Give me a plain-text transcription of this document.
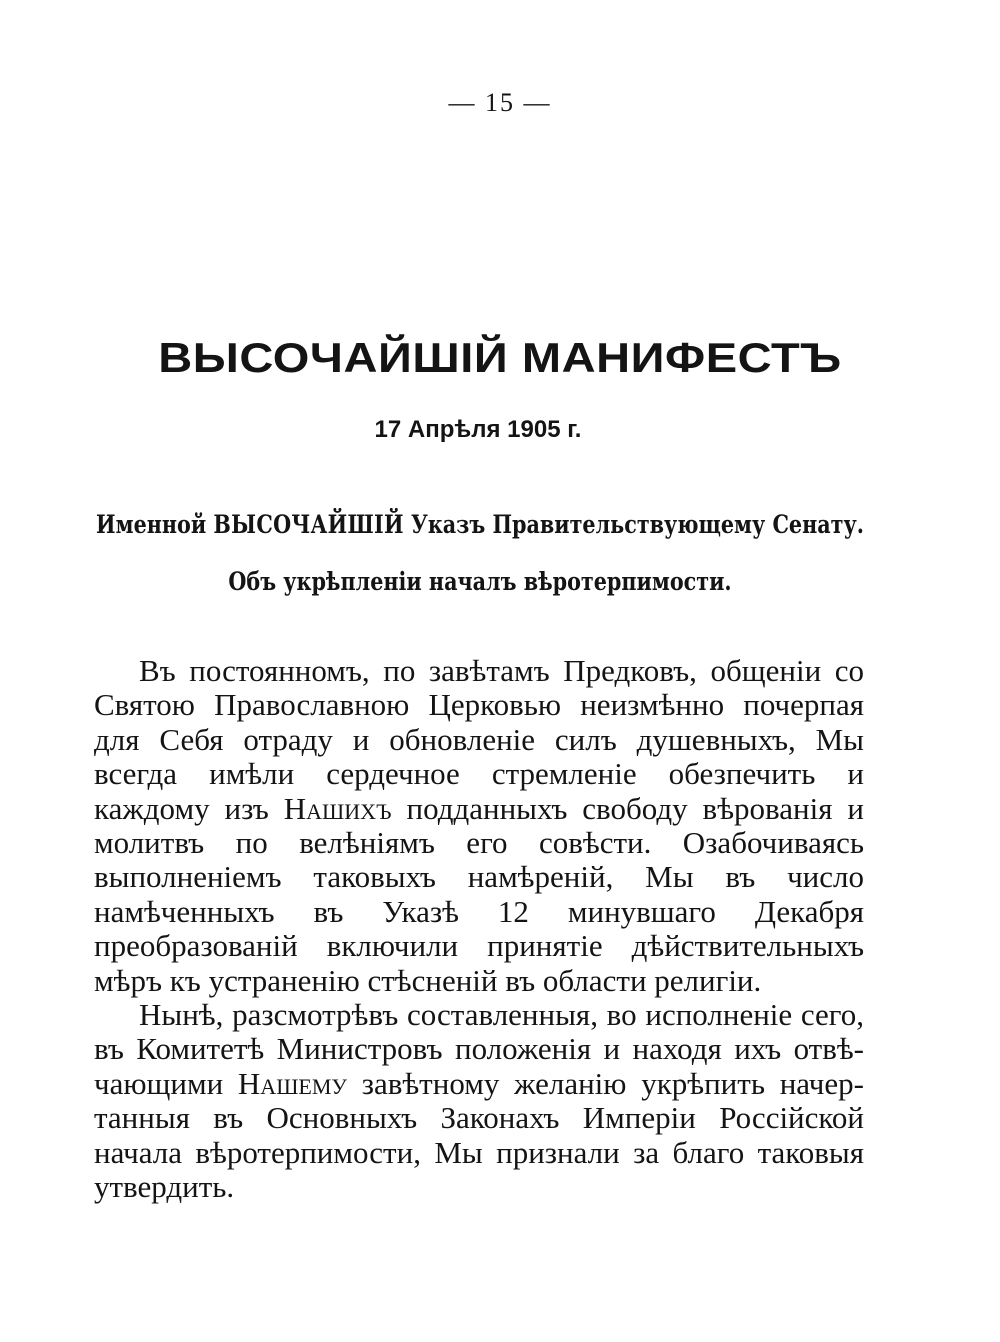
— 15 —
ВЫСОЧАЙШІЙ МАНИФЕСТЪ
17 Апрѣля 1905 г.
Именной ВЫСОЧАЙШІЙ Указъ Правительствующему Сенату.
Объ укрѣпленіи началъ вѣротерпимости.

Въ постоянномъ, по завѣтамъ Предковъ, общеніи со Святою Православною Церковью неизмѣнно почерпая для Себя отраду и обновленіе силъ душевныхъ, Мы всегда имѣли сердечное стремленіе обезпечить и каждому изъ Нашихъ подданныхъ свободу вѣрованія и молитвъ по велѣніямъ его совѣсти. Озабочиваясь выполненіемъ таковыхъ намѣреній, Мы въ число намѣченныхъ въ Указѣ 12 минувшаго Декабря преобразованій включили принятіе дѣйствительныхъ мѣръ къ устраненію стѣсненій въ области религіи.

Нынѣ, разсмотрѣвъ составленныя, во исполненіе сего, въ Комитетѣ Министровъ положенія и находя ихъ отвѣчающими Нашему завѣтному желанію укрѣпить начертанныя въ Основныхъ Законахъ Имперіи Россійской начала вѣротерпимости, Мы признали за благо таковыя утвердить.
